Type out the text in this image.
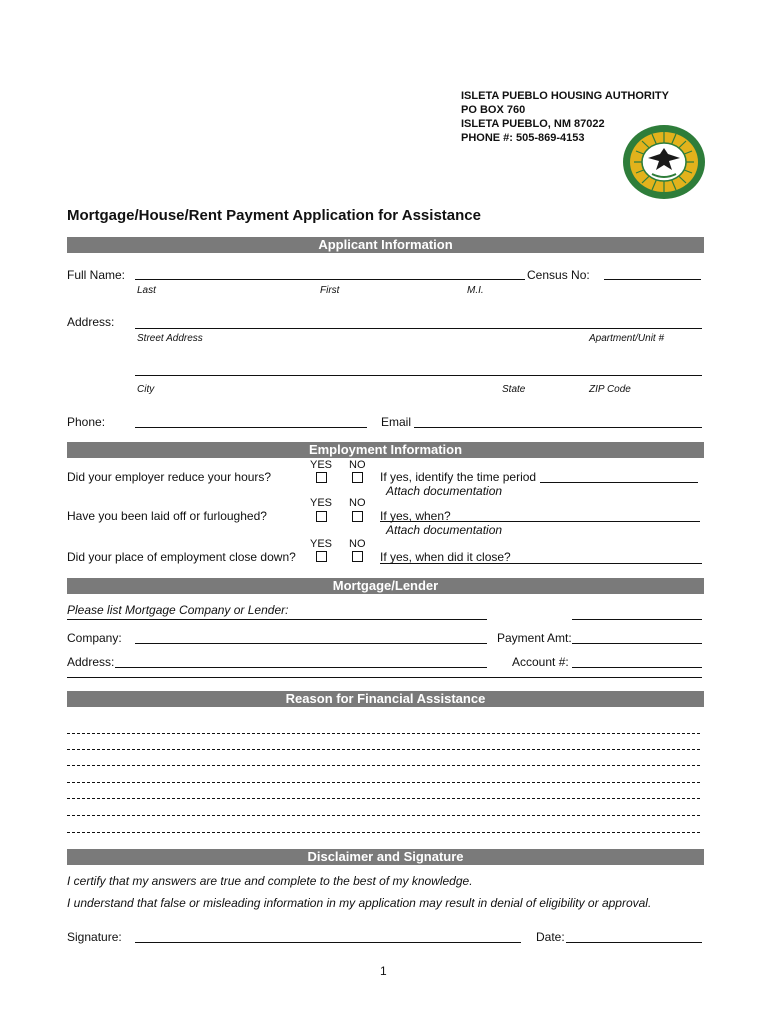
ISLETA PUEBLO HOUSING AUTHORITY
PO BOX 760
ISLETA PUEBLO, NM 87022
PHONE #: 505-869-4153
Mortgage/House/Rent Payment Application for Assistance
Applicant Information
Full Name:	Census No:
Last	First	M.I.
Address:
Street Address	Apartment/Unit #
City	State	ZIP Code
Phone:	Email
Employment Information
YES NO
Did your employer reduce your hours?	If yes, identify the time period
Attach documentation
YES NO
Have you been laid off or furloughed?	If yes, when?
Attach documentation
YES NO
Did your place of employment close down?	If yes, when did it close?
Mortgage/Lender
Please list Mortgage Company or Lender:
Company:	Payment Amt:
Address:	Account #:
Reason for Financial Assistance
Disclaimer and Signature
I certify that my answers are true and complete to the best of my knowledge.
I understand that false or misleading information in my application may result in denial of eligibility or approval.
Signature:	Date:
1
